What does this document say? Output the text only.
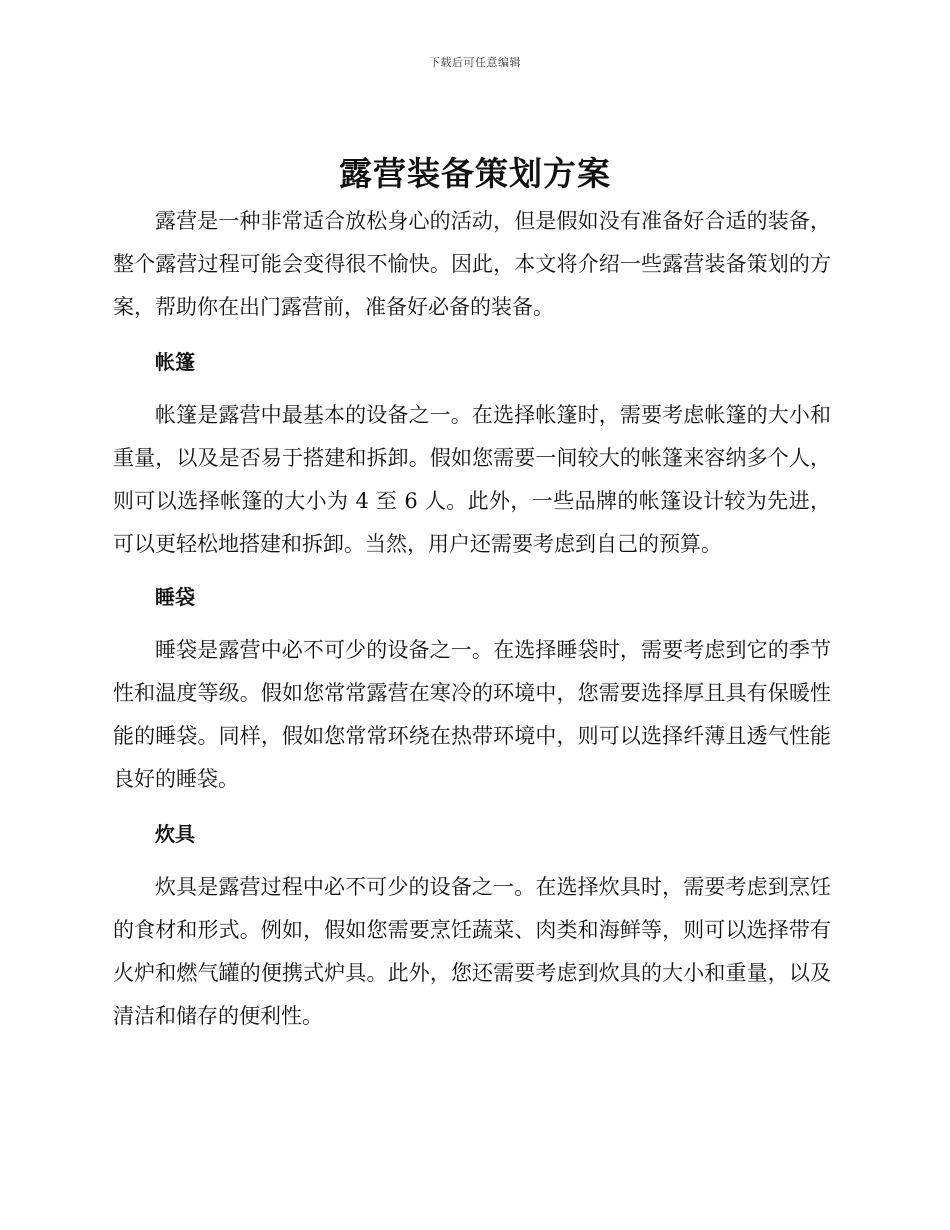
下载后可任意编辑
露营装备策划方案

露营是一种非常适合放松身心的活动，但是假如没有准备好合适的装备，整个露营过程可能会变得很不愉快。因此，本文将介绍一些露营装备策划的方案，帮助你在出门露营前，准备好必备的装备。

帐篷

帐篷是露营中最基本的设备之一。在选择帐篷时，需要考虑帐篷的大小和重量，以及是否易于搭建和拆卸。假如您需要一间较大的帐篷来容纳多个人，则可以选择帐篷的大小为 4 至 6 人。此外，一些品牌的帐篷设计较为先进，可以更轻松地搭建和拆卸。当然，用户还需要考虑到自己的预算。

睡袋

睡袋是露营中必不可少的设备之一。在选择睡袋时，需要考虑到它的季节性和温度等级。假如您常常露营在寒冷的环境中，您需要选择厚且具有保暖性能的睡袋。同样，假如您常常环绕在热带环境中，则可以选择纤薄且透气性能良好的睡袋。

炊具

炊具是露营过程中必不可少的设备之一。在选择炊具时，需要考虑到烹饪的食材和形式。例如，假如您需要烹饪蔬菜、肉类和海鲜等，则可以选择带有火炉和燃气罐的便携式炉具。此外，您还需要考虑到炊具的大小和重量，以及清洁和储存的便利性。
